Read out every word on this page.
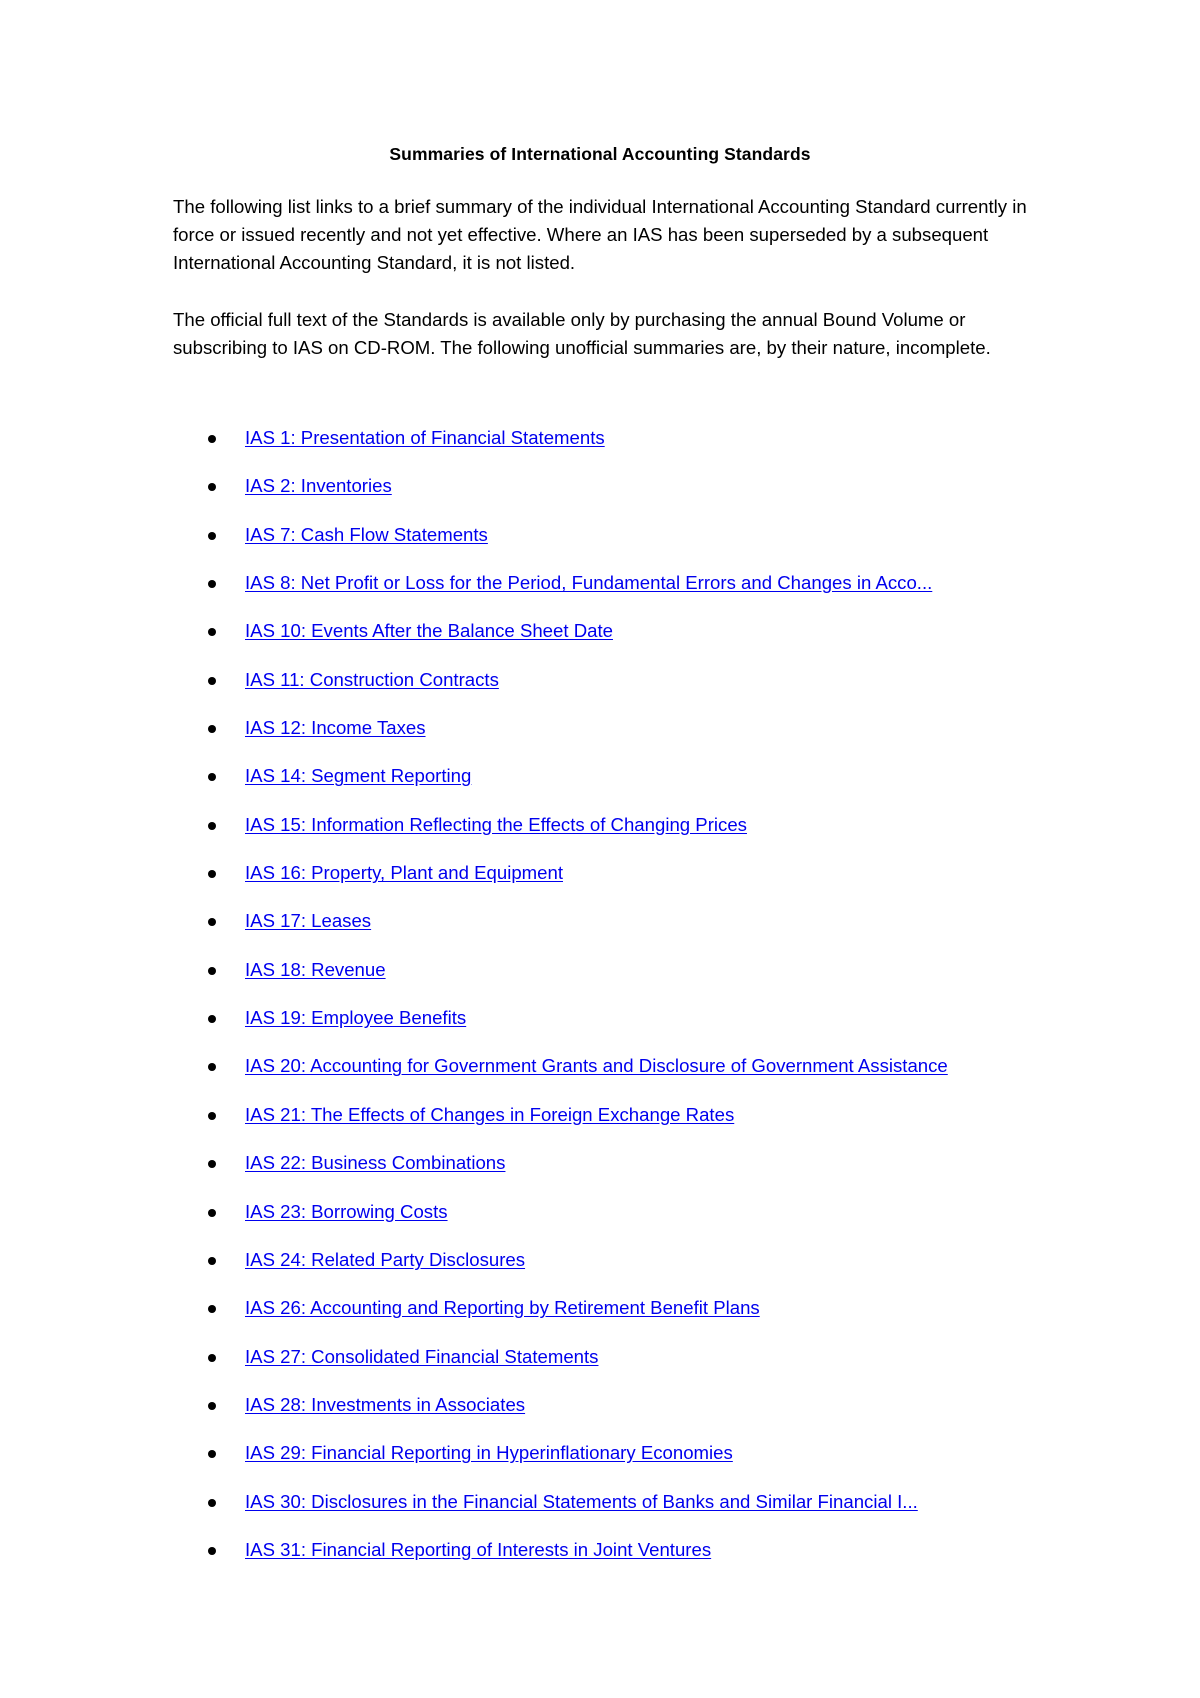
Summaries of International Accounting Standards

The following list links to a brief summary of the individual International Accounting Standard currently in force or issued recently and not yet effective. Where an IAS has been superseded by a subsequent International Accounting Standard, it is not listed.

The official full text of the Standards is available only by purchasing the annual Bound Volume or subscribing to IAS on CD-ROM. The following unofficial summaries are, by their nature, incomplete.

IAS 1: Presentation of Financial Statements
IAS 2: Inventories
IAS 7: Cash Flow Statements
IAS 8: Net Profit or Loss for the Period, Fundamental Errors and Changes in Acco...
IAS 10: Events After the Balance Sheet Date
IAS 11: Construction Contracts
IAS 12: Income Taxes
IAS 14: Segment Reporting
IAS 15: Information Reflecting the Effects of Changing Prices
IAS 16: Property, Plant and Equipment
IAS 17: Leases
IAS 18: Revenue
IAS 19: Employee Benefits
IAS 20: Accounting for Government Grants and Disclosure of Government Assistance
IAS 21: The Effects of Changes in Foreign Exchange Rates
IAS 22: Business Combinations
IAS 23: Borrowing Costs
IAS 24: Related Party Disclosures
IAS 26: Accounting and Reporting by Retirement Benefit Plans
IAS 27: Consolidated Financial Statements
IAS 28: Investments in Associates
IAS 29: Financial Reporting in Hyperinflationary Economies
IAS 30: Disclosures in the Financial Statements of Banks and Similar Financial I...
IAS 31: Financial Reporting of Interests in Joint Ventures
